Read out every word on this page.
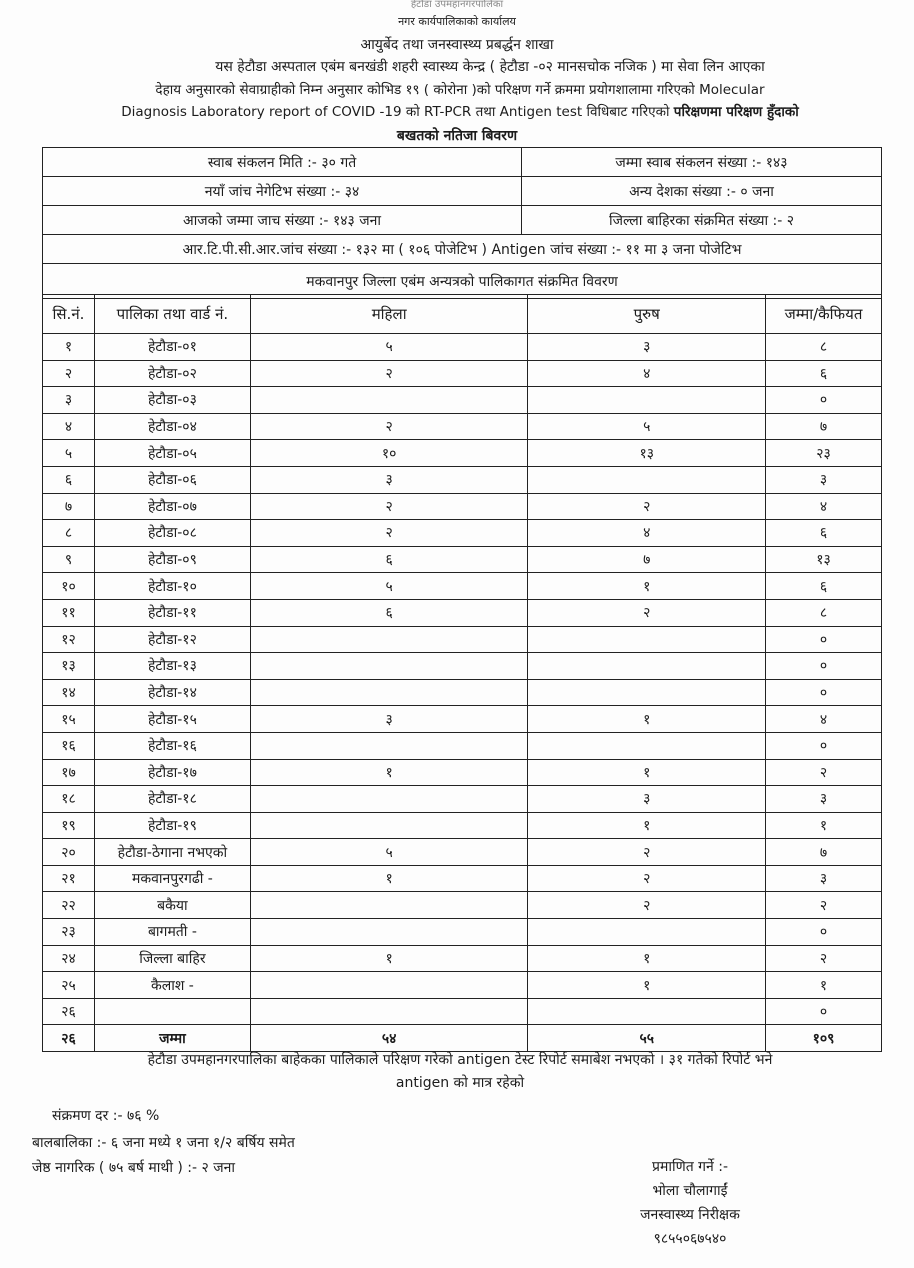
हेटौडा उपमहानगरपालिका
नगर कार्यपालिकाको कार्यालय
आयुर्बेद तथा जनस्वास्थ्य प्रबर्द्धन शाखा
यस हेटौडा अस्पताल एबंम बनखंडी शहरी स्वास्थ्य केन्द्र ( हेटौडा -०२ मानसचोक नजिक ) मा सेवा लिन आएका
देहाय अनुसारको सेवाग्राहीको निम्न अनुसार कोभिड १९ ( कोरोना )को परिक्षण गर्ने क्रममा प्रयोगशालामा गरिएको Molecular
Diagnosis Laboratory report of COVID -19 को RT-PCR तथा Antigen test विधिबाट गरिएको परिक्षणमा परिक्षण हुँदाको
बखतको नतिजा बिवरण
स्वाब संकलन मिति :- ३० गते	जम्मा स्वाब संकलन संख्या :- १४३
नयाँ जांच नेगेटिभ संख्या :- ३४	अन्य देशका संख्या :- ० जना
आजको जम्मा जाच संख्या :- १४३ जना	जिल्ला बाहिरका संक्रमित संख्या :- २
आर.टि.पी.सी.आर.जांच संख्या :- १३२ मा ( १०६ पोजेटिभ ) Antigen जांच संख्या :- ११ मा ३ जना पोजेटिभ	
मकवानपुर जिल्ला एबंम अन्यत्रको पालिकागत संक्रमित विवरण	
सि.नं.	पालिका तथा वार्ड नं.	महिला	पुरुष	जम्मा/कैफियत
१	हेटौडा-०१	५	३	८
२	हेटौडा-०२	२	४	६
३	हेटौडा-०३			०
४	हेटौडा-०४	२	५	७
५	हेटौडा-०५	१०	१३	२३
६	हेटौडा-०६	३		३
७	हेटौडा-०७	२	२	४
८	हेटौडा-०८	२	४	६
९	हेटौडा-०९	६	७	१३
१०	हेटौडा-१०	५	१	६
११	हेटौडा-११	६	२	८
१२	हेटौडा-१२			०
१३	हेटौडा-१३			०
१४	हेटौडा-१४			०
१५	हेटौडा-१५	३	१	४
१६	हेटौडा-१६			०
१७	हेटौडा-१७	१	१	२
१८	हेटौडा-१८		३	३
१९	हेटौडा-१९		१	१
२०	हेटौडा-ठेगाना नभएको	५	२	७
२१	मकवानपुरगढी -	१	२	३
२२	बकैया		२	२
२३	बागमती -			०
२४	जिल्ला बाहिर	१	१	२
२५	कैलाश -		१	१
२६				०
२६	जम्मा	५४	५५	१०९
हेटौडा उपमहानगरपालिका बाहेकका पालिकाले परिक्षण गरेको antigen टेस्ट रिपोर्ट समाबेश नभएको । ३१ गतेको रिपोर्ट भने
antigen को मात्र रहेको
संक्रमण दर :- ७६ %
बालबालिका :- ६ जना मध्ये १ जना १/२ बर्षिय समेत
जेष्ठ नागरिक ( ७५ बर्ष माथी ) :- २ जना	प्रमाणित गर्ने :-
भोला चौलागाईं
जनस्वास्थ्य निरीक्षक
९८५५०६७५४०
